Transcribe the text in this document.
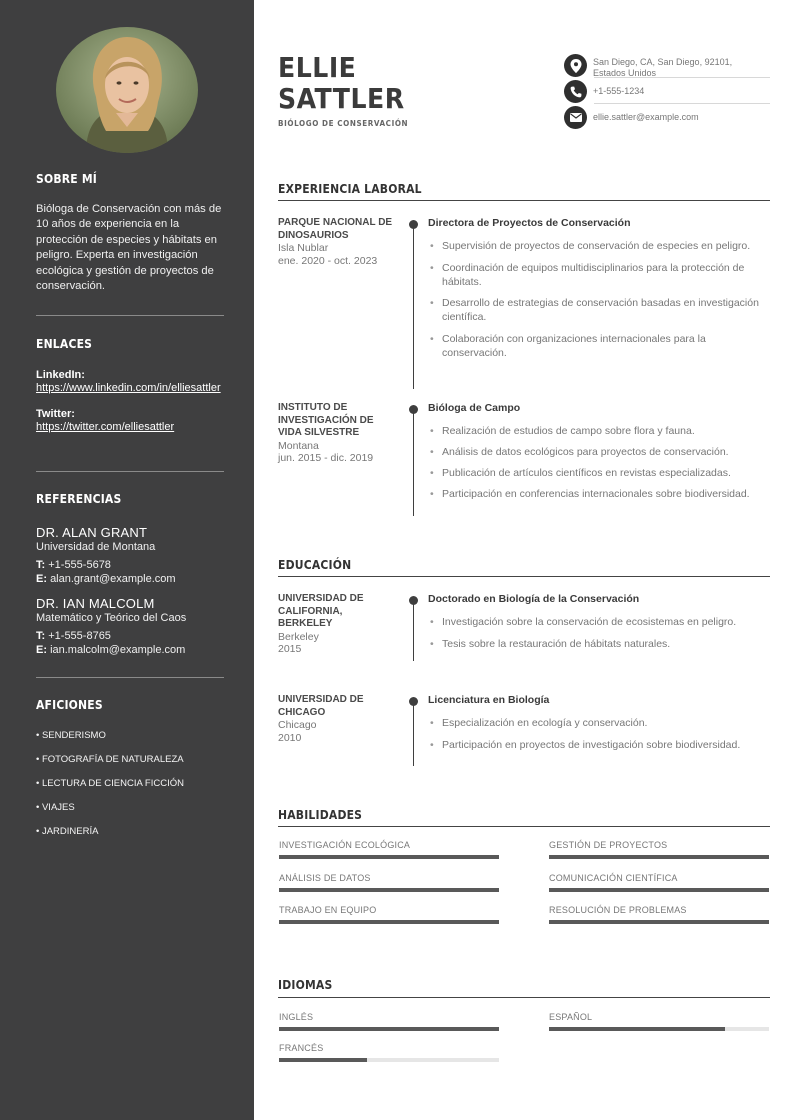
SOBRE MÍ
Bióloga de Conservación con más de 10 años de experiencia en la protección de especies y hábitats en peligro. Experta en investigación ecológica y gestión de proyectos de conservación.
ENLACES
LinkedIn:
https://www.linkedin.com/in/elliesattler
Twitter:
https://twitter.com/elliesattler
REFERENCIAS
DR. ALAN GRANT
Universidad de Montana
T: +1-555-5678
E: alan.grant@example.com
DR. IAN MALCOLM
Matemático y Teórico del Caos
T: +1-555-8765
E: ian.malcolm@example.com
AFICIONES
• SENDERISMO
• FOTOGRAFÍA DE NATURALEZA
• LECTURA DE CIENCIA FICCIÓN
• VIAJES
• JARDINERÍA
ELLIE
SATTLER
BIÓLOGO DE CONSERVACIÓN
San Diego, CA, San Diego, 92101,
Estados Unidos
+1-555-1234
ellie.sattler@example.com
EXPERIENCIA LABORAL
PARQUE NACIONAL DE DINOSAURIOS
Isla Nublar
ene. 2020 - oct. 2023
Directora de Proyectos de Conservación
• Supervisión de proyectos de conservación de especies en peligro.
• Coordinación de equipos multidisciplinarios para la protección de hábitats.
• Desarrollo de estrategias de conservación basadas en investigación científica.
• Colaboración con organizaciones internacionales para la conservación.
INSTITUTO DE INVESTIGACIÓN DE VIDA SILVESTRE
Montana
jun. 2015 - dic. 2019
Bióloga de Campo
• Realización de estudios de campo sobre flora y fauna.
• Análisis de datos ecológicos para proyectos de conservación.
• Publicación de artículos científicos en revistas especializadas.
• Participación en conferencias internacionales sobre biodiversidad.
EDUCACIÓN
UNIVERSIDAD DE CALIFORNIA, BERKELEY
Berkeley
2015
Doctorado en Biología de la Conservación
• Investigación sobre la conservación de ecosistemas en peligro.
• Tesis sobre la restauración de hábitats naturales.
UNIVERSIDAD DE CHICAGO
Chicago
2010
Licenciatura en Biología
• Especialización en ecología y conservación.
• Participación en proyectos de investigación sobre biodiversidad.
HABILIDADES
INVESTIGACIÓN ECOLÓGICA	GESTIÓN DE PROYECTOS
ANÁLISIS DE DATOS	COMUNICACIÓN CIENTÍFICA
TRABAJO EN EQUIPO	RESOLUCIÓN DE PROBLEMAS
IDIOMAS
INGLÉS	ESPAÑOL
FRANCÉS
